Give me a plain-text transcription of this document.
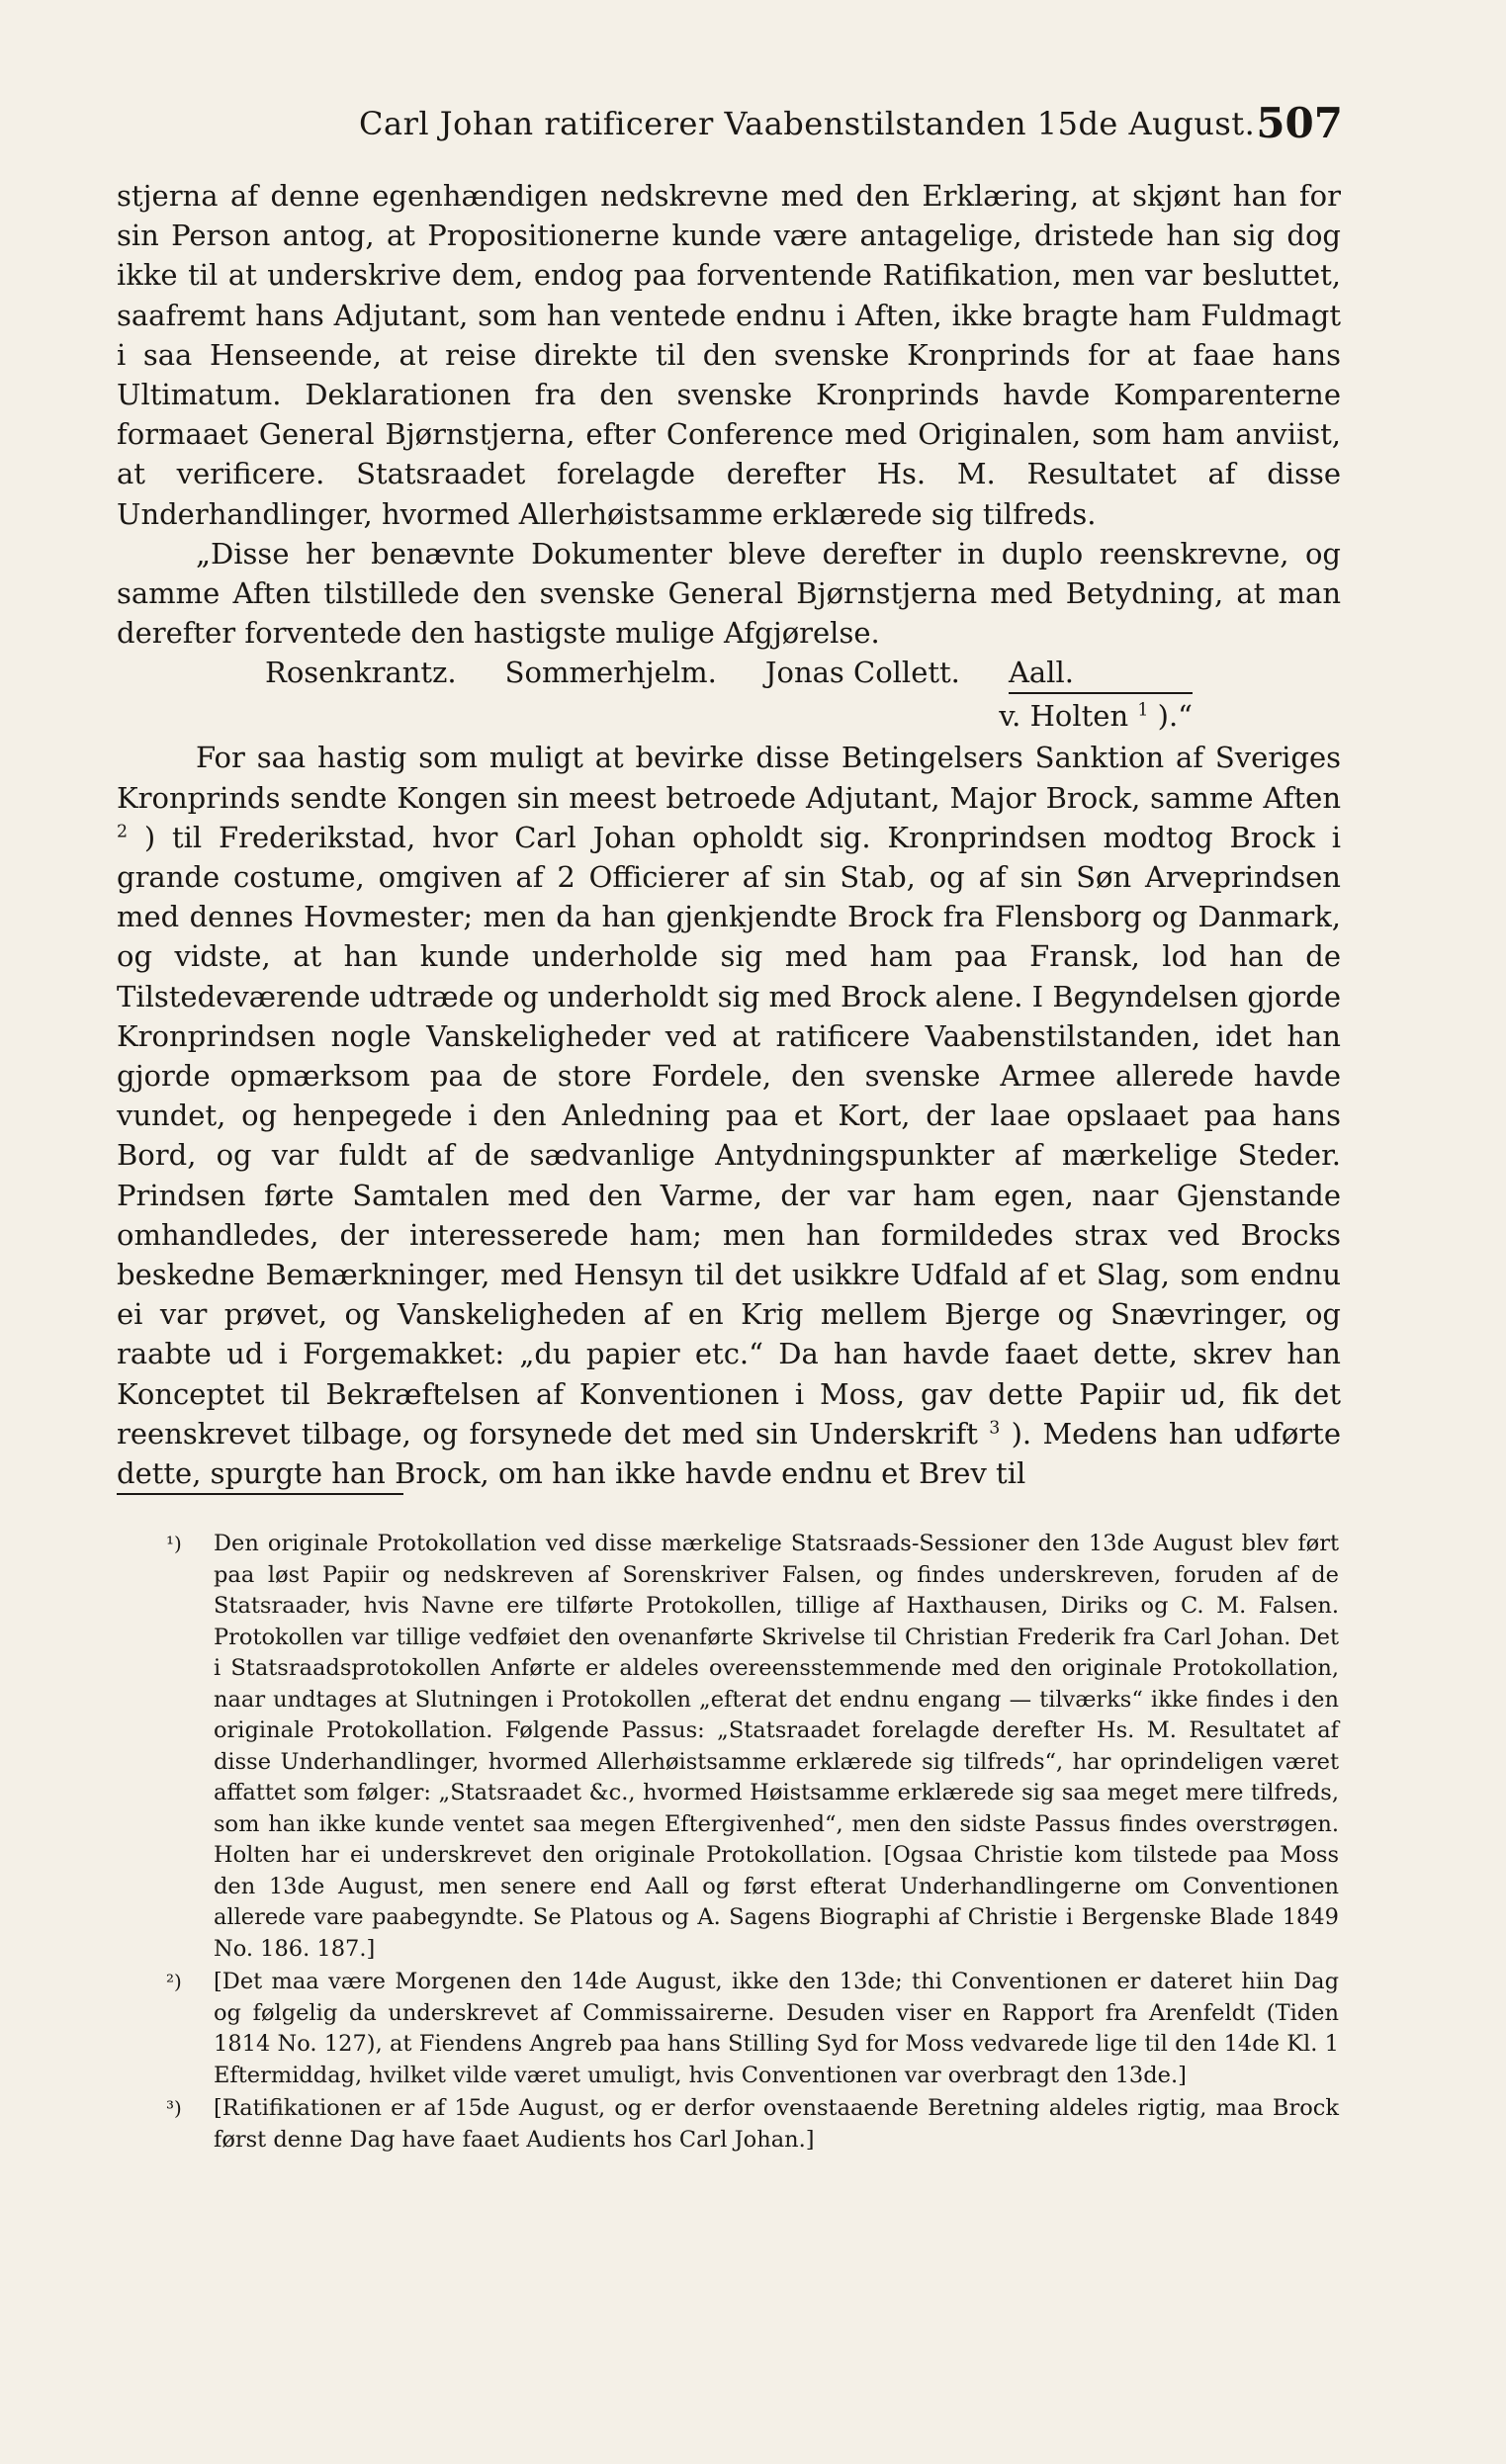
Carl Johan ratificerer Vaabenstilstanden 15de August. 507

stjerna af denne egenhændigen nedskrevne med den Erklæring, at skjønt han for sin Person antog, at Propositionerne kunde være antagelige, dristede han sig dog ikke til at underskrive dem, endog paa forventende Ratifikation, men var besluttet, saafremt hans Adjutant, som han ventede endnu i Aften, ikke bragte ham Fuldmagt i saa Henseende, at reise direkte til den svenske Kronprinds for at faae hans Ultimatum. Deklarationen fra den svenske Kronprinds havde Komparenterne formaaet General Bjørnstjerna, efter Conference med Originalen, som ham anviist, at verificere. Statsraadet forelagde derefter Hs. M. Resultatet af disse Underhandlinger, hvormed Allerhøistsamme erklærede sig tilfreds.

„Disse her benævnte Dokumenter bleve derefter in duplo reenskrevne, og samme Aften tilstillede den svenske General Bjørnstjerna med Betydning, at man derefter forventede den hastigste mulige Afgjørelse.

Rosenkrantz. Sommerhjelm. Jonas Collett. Aall.
v. Holten $^1$ ).“

For saa hastig som muligt at bevirke disse Betingelsers Sanktion af Sveriges Kronprinds sendte Kongen sin meest betroede Adjutant, Major Brock, samme Aften $^2$ ) til Frederikstad, hvor Carl Johan opholdt sig. Kronprindsen modtog Brock i grande costume, omgiven af 2 Officierer af sin Stab, og af sin Søn Arveprindsen med dennes Hovmester; men da han gjenkjendte Brock fra Flensborg og Danmark, og vidste, at han kunde underholde sig med ham paa Fransk, lod han de Tilstedeværende udtræde og underholdt sig med Brock alene. I Begyndelsen gjorde Kronprindsen nogle Vanskeligheder ved at ratificere Vaabenstilstanden, idet han gjorde opmærksom paa de store Fordele, den svenske Armee allerede havde vundet, og henpegede i den Anledning paa et Kort, der laae opslaaet paa hans Bord, og var fuldt af de sædvanlige Antydningspunkter af mærkelige Steder. Prindsen førte Samtalen med den Varme, der var ham egen, naar Gjenstande omhandledes, der interesserede ham; men han formildedes strax ved Brocks beskedne Bemærkninger, med Hensyn til det usikkre Udfald af et Slag, som endnu ei var prøvet, og Vanskeligheden af en Krig mellem Bjerge og Snævringer, og raabte ud i Forgemakket: „du papier etc.“ Da han havde faaet dette, skrev han Konceptet til Bekræftelsen af Konventionen i Moss, gav dette Papiir ud, fik det reenskrevet tilbage, og forsynede det med sin Underskrift $^3$ ). Medens han udførte dette, spurgte han Brock, om han ikke havde endnu et Brev til

¹) Den originale Protokollation ved disse mærkelige Statsraads-Sessioner den 13de August blev ført paa løst Papiir og nedskreven af Sorenskriver Falsen, og findes underskreven, foruden af de Statsraader, hvis Navne ere tilførte Protokollen, tillige af Haxthausen, Diriks og C. M. Falsen. Protokollen var tillige vedføiet den ovenanførte Skrivelse til Christian Frederik fra Carl Johan. Det i Statsraadsprotokollen Anførte er aldeles overeensstemmende med den originale Protokollation, naar undtages at Slutningen i Protokollen „efterat det endnu engang — tilværks“ ikke findes i den originale Protokollation. Følgende Passus: „Statsraadet forelagde derefter Hs. M. Resultatet af disse Underhandlinger, hvormed Allerhøistsamme erklærede sig tilfreds“, har oprindeligen været affattet som følger: „Statsraadet &c., hvormed Høistsamme erklærede sig saa meget mere tilfreds, som han ikke kunde ventet saa megen Eftergivenhed“, men den sidste Passus findes overstrøgen. Holten har ei underskrevet den originale Protokollation. [Ogsaa Christie kom tilstede paa Moss den 13de August, men senere end Aall og først efterat Underhandlingerne om Conventionen allerede vare paabegyndte. Se Platous og A. Sagens Biographi af Christie i Bergenske Blade 1849 No. 186. 187.]

²) [Det maa være Morgenen den 14de August, ikke den 13de; thi Conventionen er dateret hiin Dag og følgelig da underskrevet af Commissairerne. Desuden viser en Rapport fra Arenfeldt (Tiden 1814 No. 127), at Fiendens Angreb paa hans Stilling Syd for Moss vedvarede lige til den 14de Kl. 1 Eftermiddag, hvilket vilde været umuligt, hvis Conventionen var overbragt den 13de.]

³) [Ratifikationen er af 15de August, og er derfor ovenstaaende Beretning aldeles rigtig, maa Brock først denne Dag have faaet Audients hos Carl Johan.]
